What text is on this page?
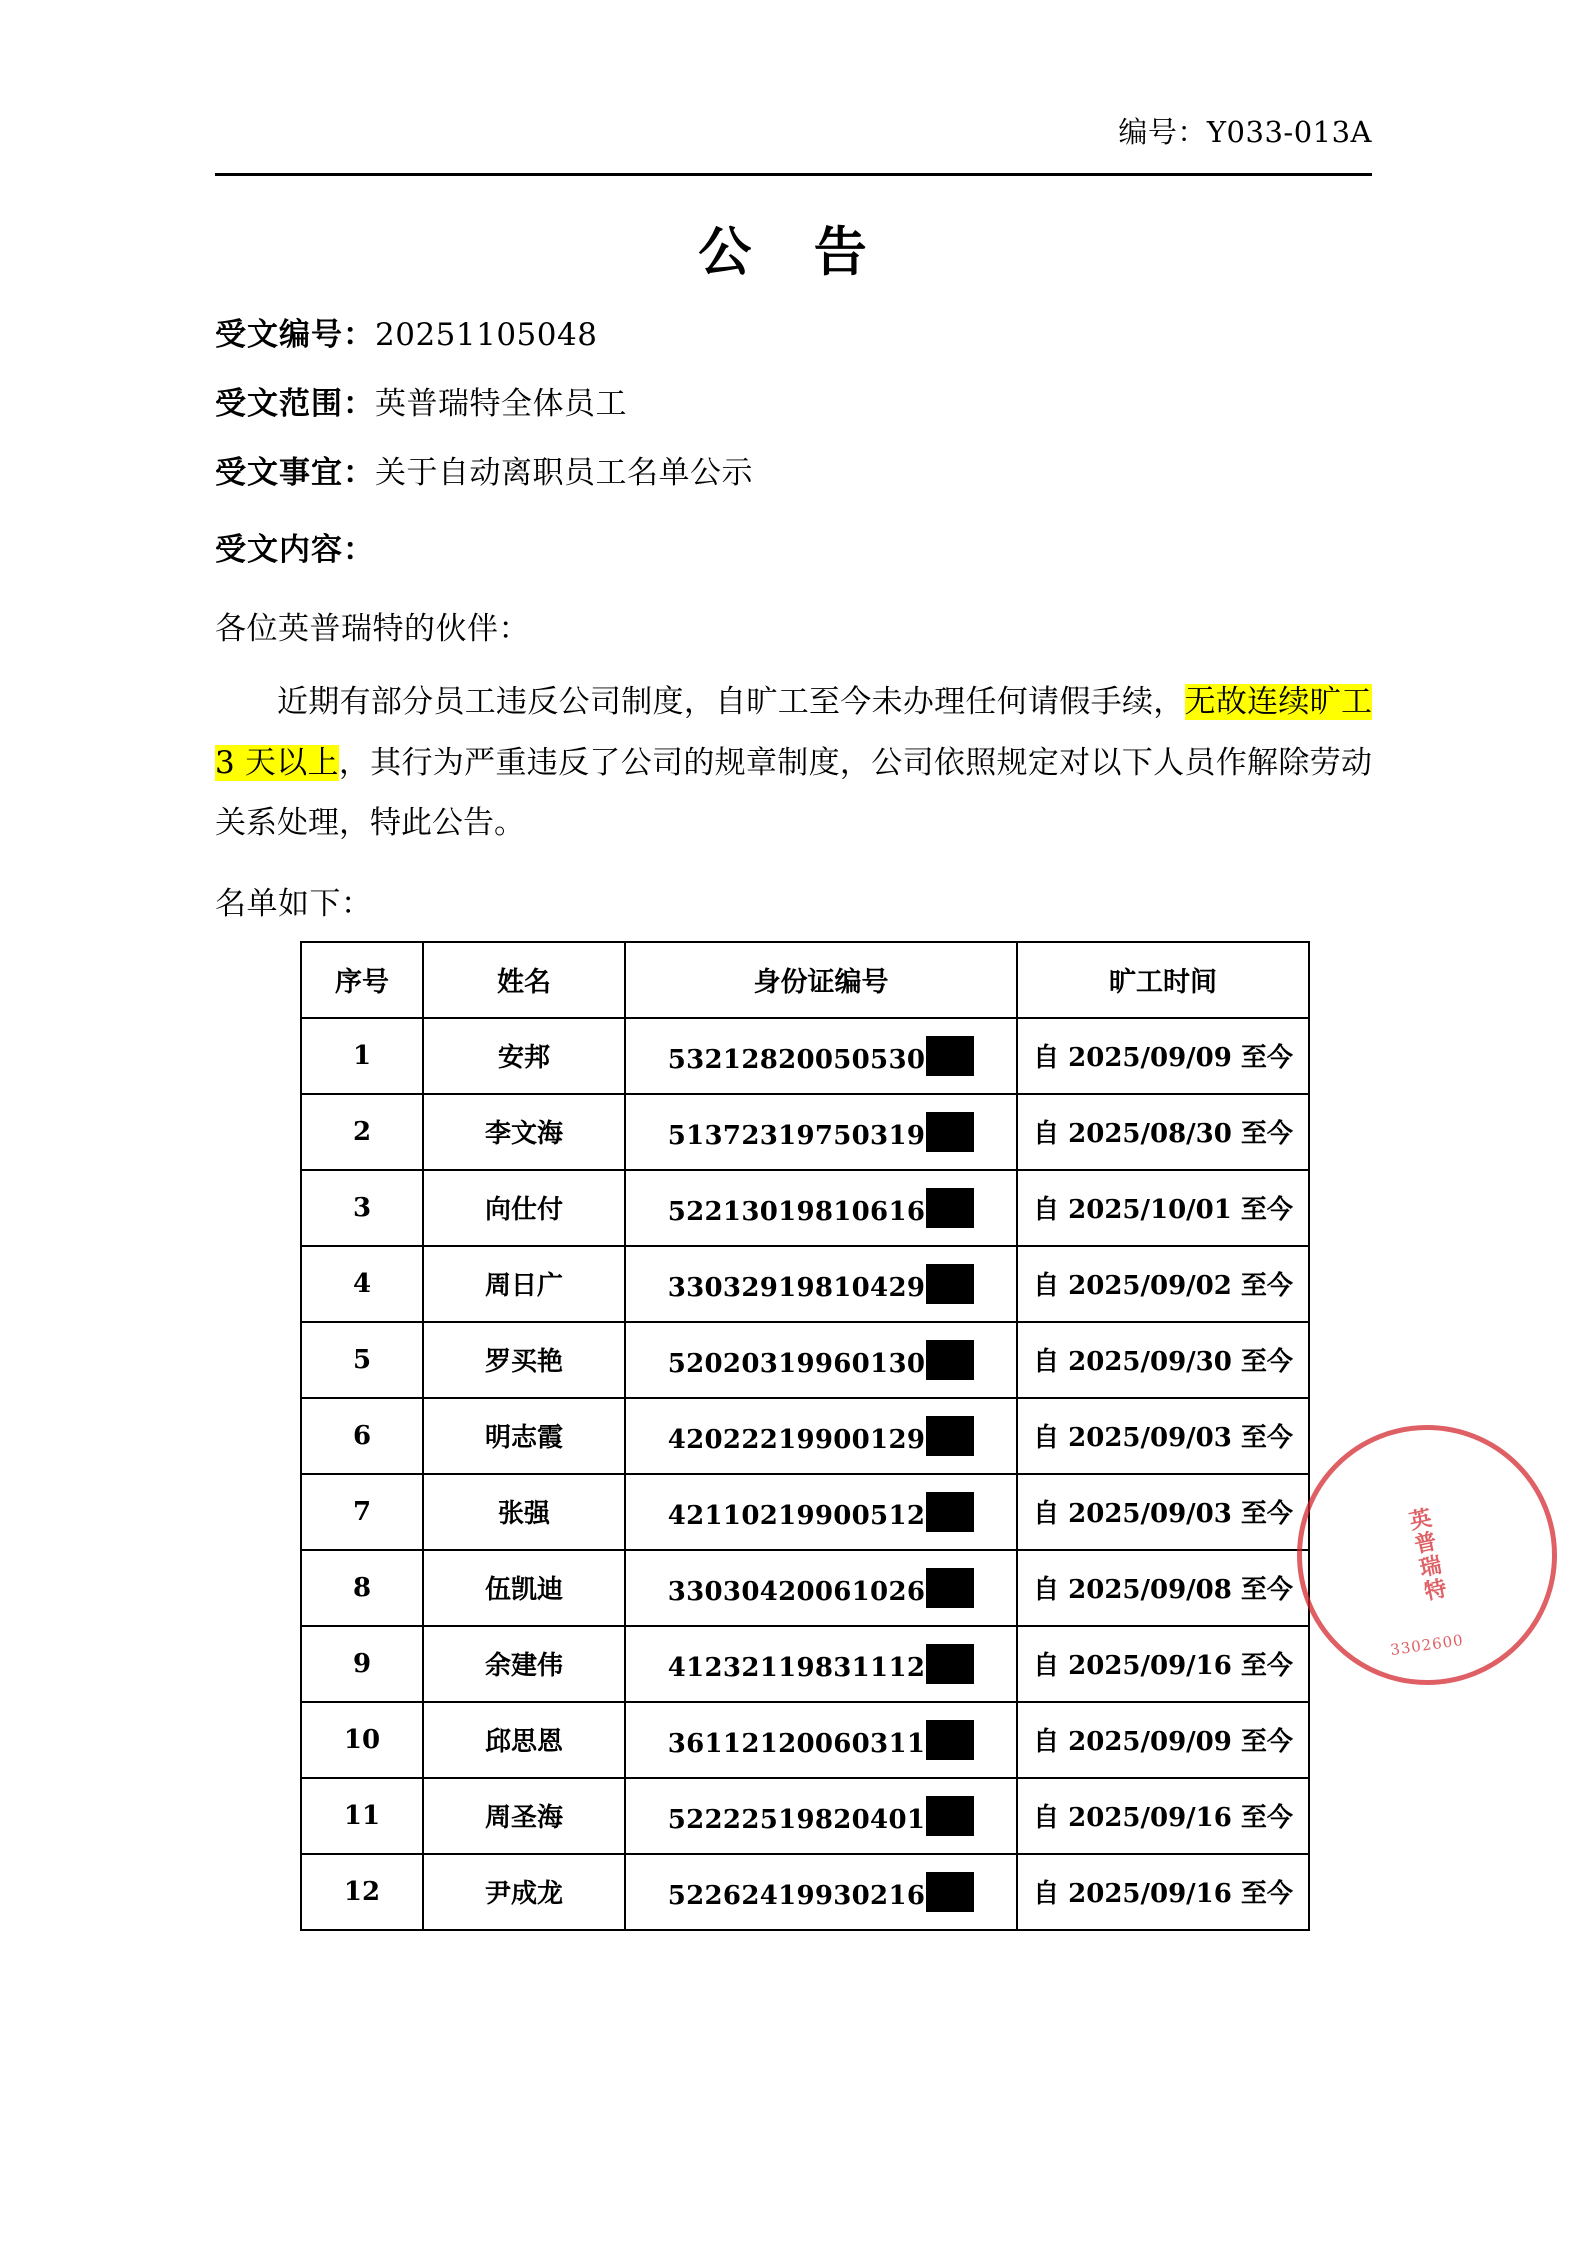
编号：Y033-013A
公 告
受文编号：20251105048
受文范围：英普瑞特全体员工
受文事宜：关于自动离职员工名单公示
受文内容：
各位英普瑞特的伙伴：
近期有部分员工违反公司制度，自旷工至今未办理任何请假手续，无故连续旷工 3 天以上，其行为严重违反了公司的规章制度，公司依照规定对以下人员作解除劳动关系处理，特此公告。
名单如下：
序号	姓名	身份证编号	旷工时间
1	安邦	53212820050530	自 2025/09/09 至今
2	李文海	51372319750319	自 2025/08/30 至今
3	向仕付	52213019810616	自 2025/10/01 至今
4	周日广	33032919810429	自 2025/09/02 至今
5	罗买艳	52020319960130	自 2025/09/30 至今
6	明志霞	42022219900129	自 2025/09/03 至今
7	张强	42110219900512	自 2025/09/03 至今
8	伍凯迪	33030420061026	自 2025/09/08 至今
9	余建伟	41232119831112	自 2025/09/16 至今
10	邱思恩	36112120060311	自 2025/09/09 至今
11	周圣海	52222519820401	自 2025/09/16 至今
12	尹成龙	52262419930216	自 2025/09/16 至今
英普瑞特
3302600
